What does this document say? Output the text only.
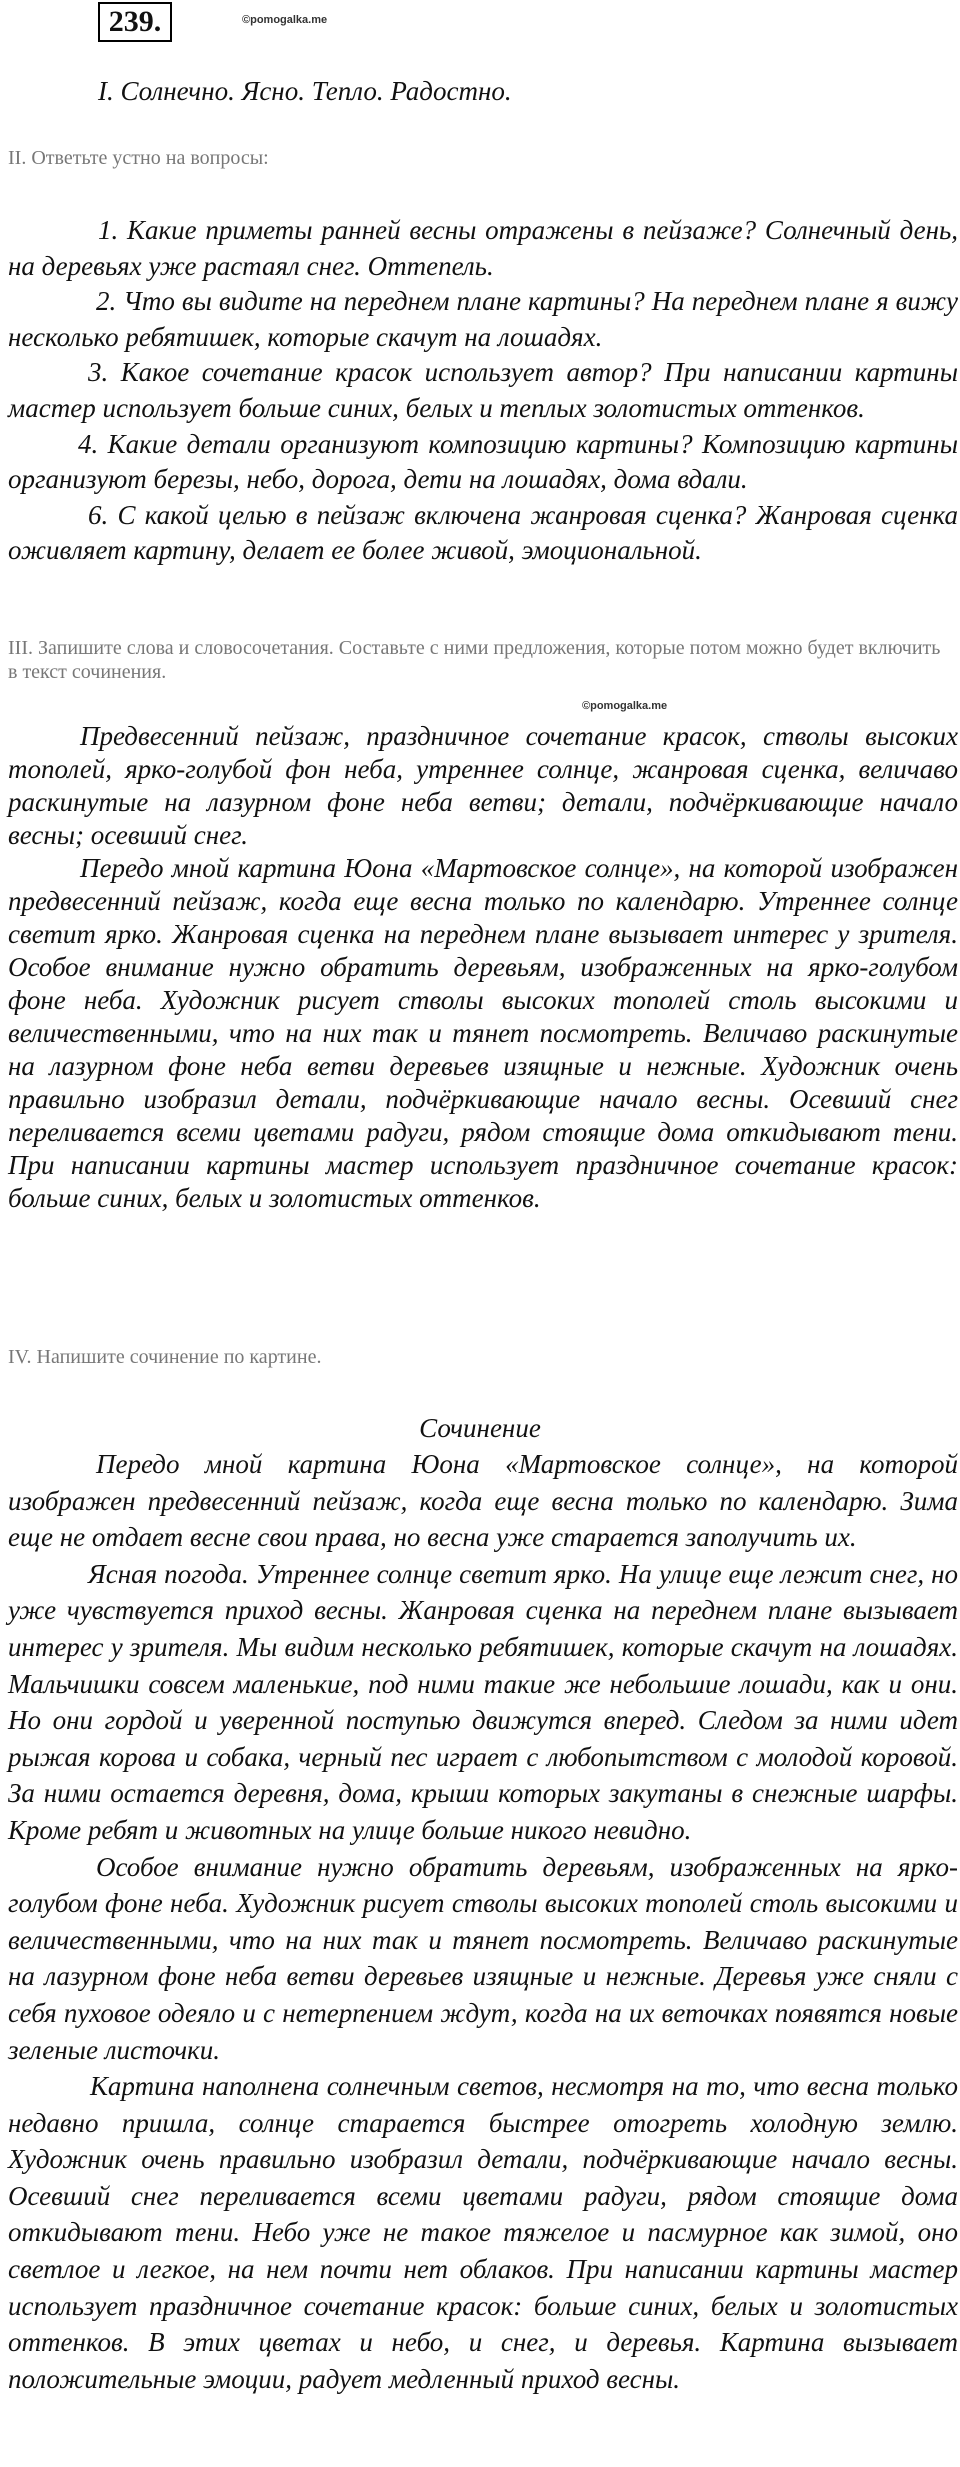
239.	©pomogalka.me
I. Солнечно. Ясно. Тепло. Радостно.
II. Ответьте устно на вопросы:

1. Какие приметы ранней весны отражены в пейзаже? Солнечный день, на деревьях уже растаял снег. Оттепель.

2. Что вы видите на переднем плане картины? На переднем плане я вижу несколько ребятишек, которые скачут на лошадях.

3. Какое сочетание красок использует автор? При написании картины мастер использует больше синих, белых и теплых золотистых оттенков.

4. Какие детали организуют композицию картины? Композицию картины организуют березы, небо, дорога, дети на лошадях, дома вдали.

6. С какой целью в пейзаж включена жанровая сценка? Жанровая сценка оживляет картину, делает ее более живой, эмоциональной.

III. Запишите слова и словосочетания. Составьте с ними предложения, которые потом можно будет включить в текст сочинения.
©pomogalka.me

Предвесенний пейзаж, праздничное сочетание красок, стволы высоких тополей, ярко-голубой фон неба, утреннее солнце, жанровая сценка, величаво раскинутые на лазурном фоне неба ветви; детали, подчёркивающие начало весны; осевший снег.

Передо мной картина Юона «Мартовское солнце», на которой изображен предвесенний пейзаж, когда еще весна только по календарю. Утреннее солнце светит ярко. Жанровая сценка на переднем плане вызывает интерес у зрителя. Особое внимание нужно обратить деревьям, изображенных на ярко-голубом фоне неба. Художник рисует стволы высоких тополей столь высокими и величественными, что на них так и тянет посмотреть. Величаво раскинутые на лазурном фоне неба ветви деревьев изящные и нежные. Художник очень правильно изобразил детали, подчёркивающие начало весны. Осевший снег переливается всеми цветами радуги, рядом стоящие дома откидывают тени. При написании картины мастер использует праздничное сочетание красок: больше синих, белых и золотистых оттенков.

IV. Напишите сочинение по картине.
Сочинение

Передо мной картина Юона «Мартовское солнце», на которой изображен предвесенний пейзаж, когда еще весна только по календарю. Зима еще не отдает весне свои права, но весна уже старается заполучить их.

Ясная погода. Утреннее солнце светит ярко. На улице еще лежит снег, но уже чувствуется приход весны. Жанровая сценка на переднем плане вызывает интерес у зрителя. Мы видим несколько ребятишек, которые скачут на лошадях. Мальчишки совсем маленькие, под ними такие же небольшие лошади, как и они. Но они гордой и уверенной поступью движутся вперед. Следом за ними идет рыжая корова и собака, черный пес играет с любопытством с молодой коровой. За ними остается деревня, дома, крыши которых закутаны в снежные шарфы. Кроме ребят и животных на улице больше никого невидно.

Особое внимание нужно обратить деревьям, изображенных на ярко-голубом фоне неба. Художник рисует стволы высоких тополей столь высокими и величественными, что на них так и тянет посмотреть. Величаво раскинутые на лазурном фоне неба ветви деревьев изящные и нежные. Деревья уже сняли с себя пуховое одеяло и с нетерпением ждут, когда на их веточках появятся новые зеленые листочки.

Картина наполнена солнечным светов, несмотря на то, что весна только недавно пришла, солнце старается быстрее отогреть холодную землю. Художник очень правильно изобразил детали, подчёркивающие начало весны. Осевший снег переливается всеми цветами радуги, рядом стоящие дома откидывают тени. Небо уже не такое тяжелое и пасмурное как зимой, оно светлое и легкое, на нем почти нет облаков. При написании картины мастер использует праздничное сочетание красок: больше синих, белых и золотистых оттенков. В этих цветах и небо, и снег, и деревья. Картина вызывает положительные эмоции, радует медленный приход весны.
